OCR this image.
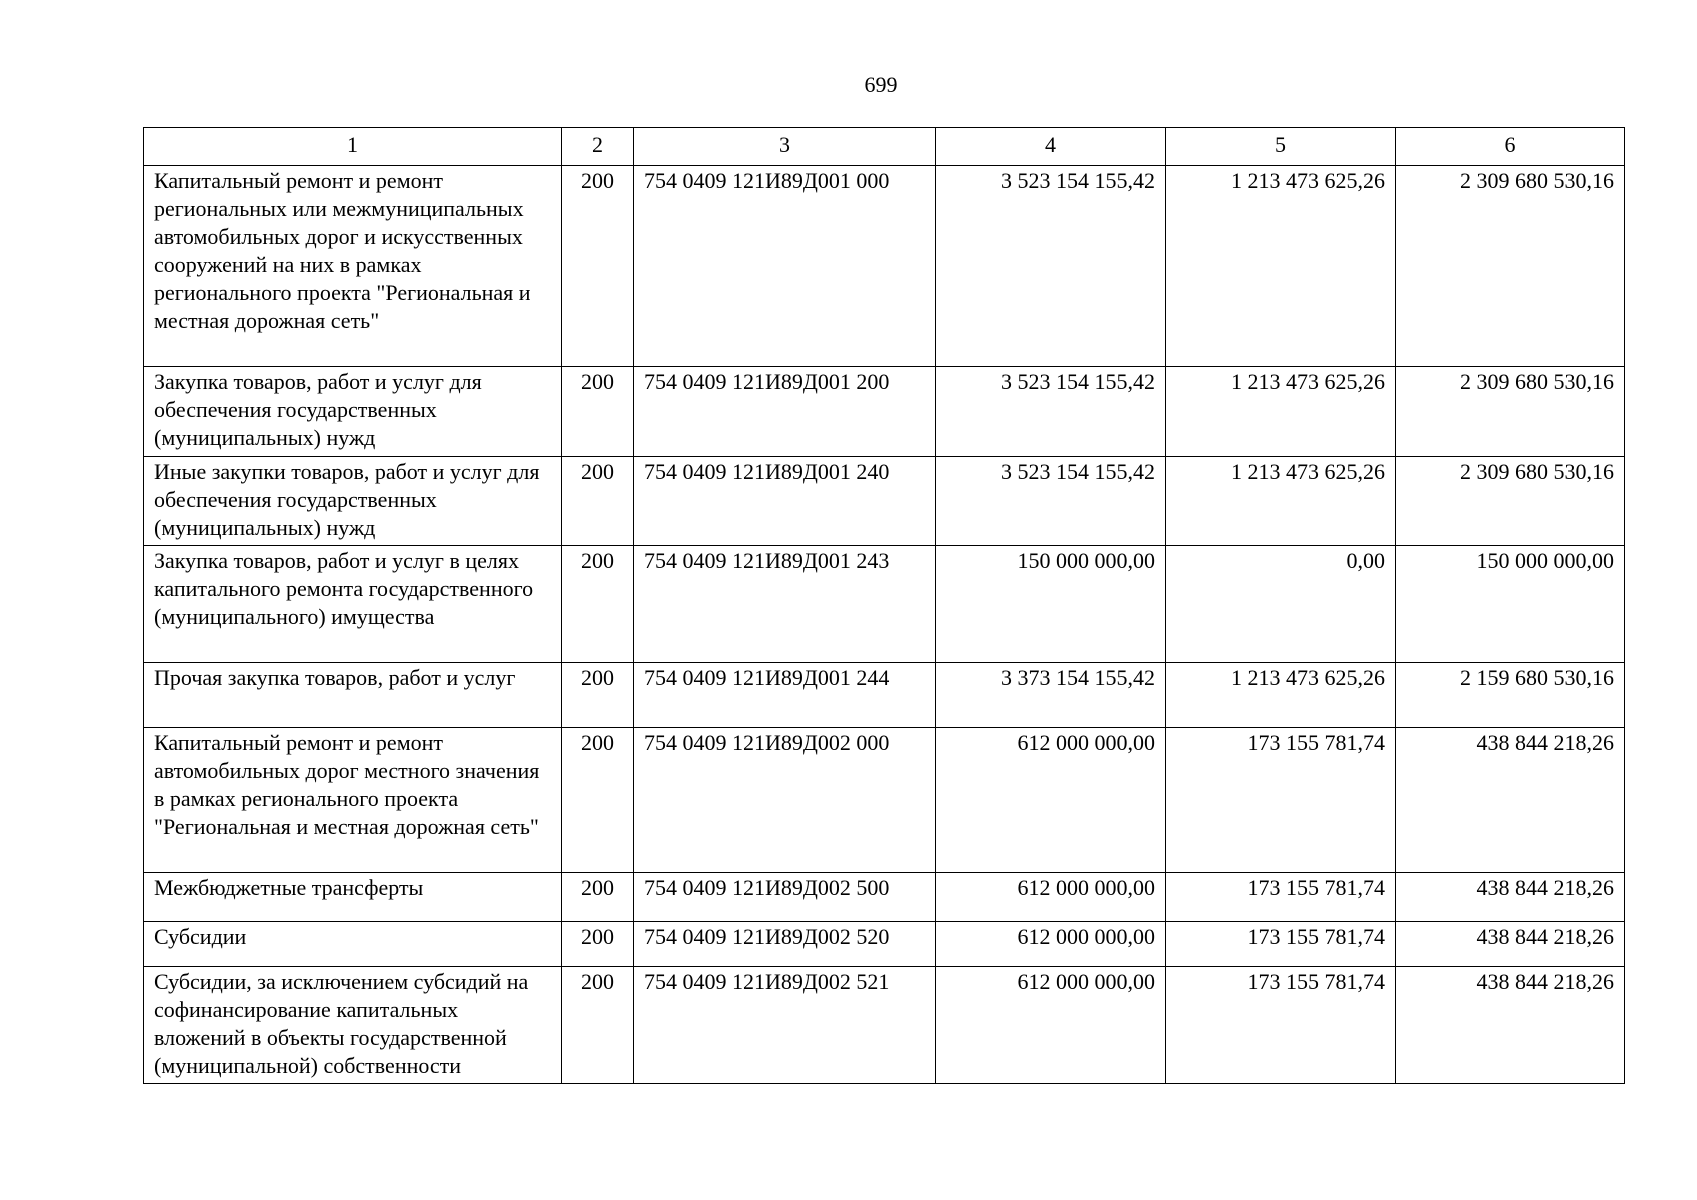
699
1	2	3	4	5	6
Капитальный ремонт и ремонт региональных или межмуниципальных автомобильных дорог и искусственных сооружений на них в рамках регионального проекта "Региональная и местная дорожная сеть"	200	754 0409 121И89Д001 000	3 523 154 155,42	1 213 473 625,26	2 309 680 530,16
Закупка товаров, работ и услуг для обеспечения государственных (муниципальных) нужд	200	754 0409 121И89Д001 200	3 523 154 155,42	1 213 473 625,26	2 309 680 530,16
Иные закупки товаров, работ и услуг для обеспечения государственных (муниципальных) нужд	200	754 0409 121И89Д001 240	3 523 154 155,42	1 213 473 625,26	2 309 680 530,16
Закупка товаров, работ и услуг в целях капитального ремонта государственного (муниципального) имущества	200	754 0409 121И89Д001 243	150 000 000,00	0,00	150 000 000,00
Прочая закупка товаров, работ и услуг	200	754 0409 121И89Д001 244	3 373 154 155,42	1 213 473 625,26	2 159 680 530,16
Капитальный ремонт и ремонт автомобильных дорог местного значения в рамках регионального проекта "Региональная и местная дорожная сеть"	200	754 0409 121И89Д002 000	612 000 000,00	173 155 781,74	438 844 218,26
Межбюджетные трансферты	200	754 0409 121И89Д002 500	612 000 000,00	173 155 781,74	438 844 218,26
Субсидии	200	754 0409 121И89Д002 520	612 000 000,00	173 155 781,74	438 844 218,26
Субсидии, за исключением субсидий на софинансирование капитальных вложений в объекты государственной (муниципальной) собственности	200	754 0409 121И89Д002 521	612 000 000,00	173 155 781,74	438 844 218,26
